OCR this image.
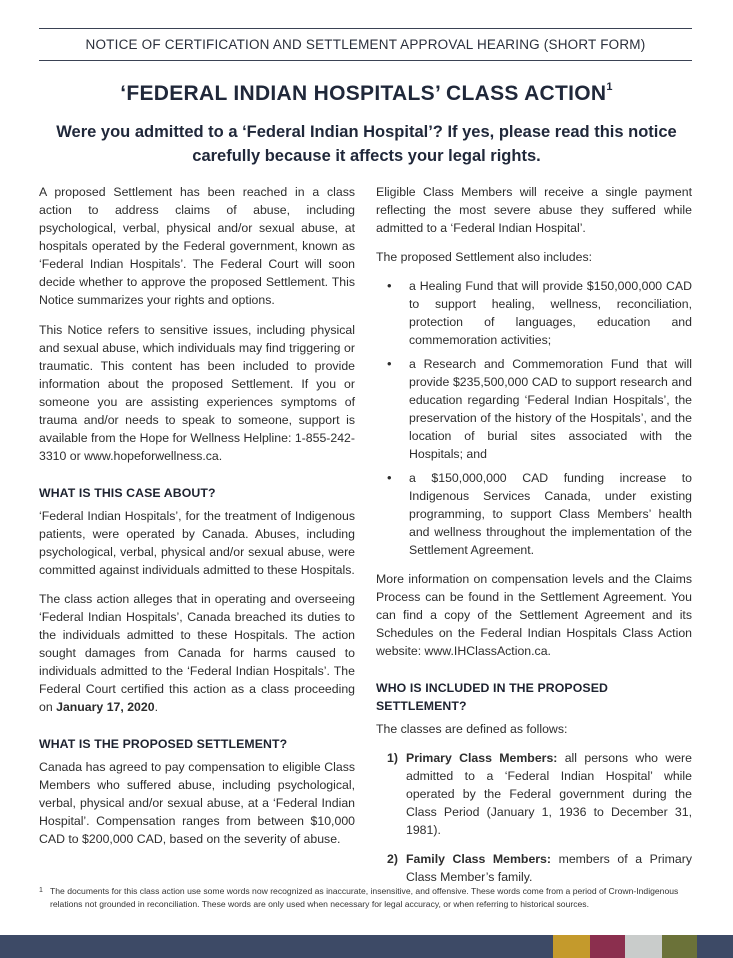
NOTICE OF CERTIFICATION AND SETTLEMENT APPROVAL HEARING (SHORT FORM)
‘FEDERAL INDIAN HOSPITALS’ CLASS ACTION$^1$
Were you admitted to a ‘Federal Indian Hospital’? If yes, please read this notice carefully because it affects your legal rights.

A proposed Settlement has been reached in a class action to address claims of abuse, including psychological, verbal, physical and/or sexual abuse, at hospitals operated by the Federal government, known as ‘Federal Indian Hospitals’. The Federal Court will soon decide whether to approve the proposed Settlement. This Notice summarizes your rights and options.

This Notice refers to sensitive issues, including physical and sexual abuse, which individuals may find triggering or traumatic. This content has been included to provide information about the proposed Settlement. If you or someone you are assisting experiences symptoms of trauma and/or needs to speak to someone, support is available from the Hope for Wellness Helpline: 1-855-242-3310 or www.hopeforwellness.ca.

WHAT IS THIS CASE ABOUT?

‘Federal Indian Hospitals’, for the treatment of Indigenous patients, were operated by Canada. Abuses, including psychological, verbal, physical and/or sexual abuse, were committed against individuals admitted to these Hospitals.

The class action alleges that in operating and overseeing ‘Federal Indian Hospitals’, Canada breached its duties to the individuals admitted to these Hospitals. The action sought damages from Canada for harms caused to individuals admitted to the ‘Federal Indian Hospitals’. The Federal Court certified this action as a class proceeding on January 17, 2020.

WHAT IS THE PROPOSED SETTLEMENT?

Canada has agreed to pay compensation to eligible Class Members who suffered abuse, including psychological, verbal, physical and/or sexual abuse, at a ‘Federal Indian Hospital’. Compensation ranges from between $10,000 CAD to $200,000 CAD, based on the severity of abuse.

Eligible Class Members will receive a single payment reflecting the most severe abuse they suffered while admitted to a ‘Federal Indian Hospital’.

The proposed Settlement also includes:

• a Healing Fund that will provide $150,000,000 CAD to support healing, wellness, reconciliation, protection of languages, education and commemoration activities;
• a Research and Commemoration Fund that will provide $235,500,000 CAD to support research and education regarding ‘Federal Indian Hospitals’, the preservation of the history of the Hospitals’, and the location of burial sites associated with the Hospitals; and
• a $150,000,000 CAD funding increase to Indigenous Services Canada, under existing programming, to support Class Members’ health and wellness throughout the implementation of the Settlement Agreement.

More information on compensation levels and the Claims Process can be found in the Settlement Agreement. You can find a copy of the Settlement Agreement and its Schedules on the Federal Indian Hospitals Class Action website: www.IHClassAction.ca.

WHO IS INCLUDED IN THE PROPOSED SETTLEMENT?

The classes are defined as follows:

1) Primary Class Members: all persons who were admitted to a ‘Federal Indian Hospital’ while operated by the Federal government during the Class Period (January 1, 1936 to December 31, 1981).
2) Family Class Members: members of a Primary Class Member’s family.
1 The documents for this class action use some words now recognized as inaccurate, insensitive, and offensive. These words come from a period of Crown-Indigenous relations not grounded in reconciliation. These words are only used when necessary for legal accuracy, or when referring to historical sources.
